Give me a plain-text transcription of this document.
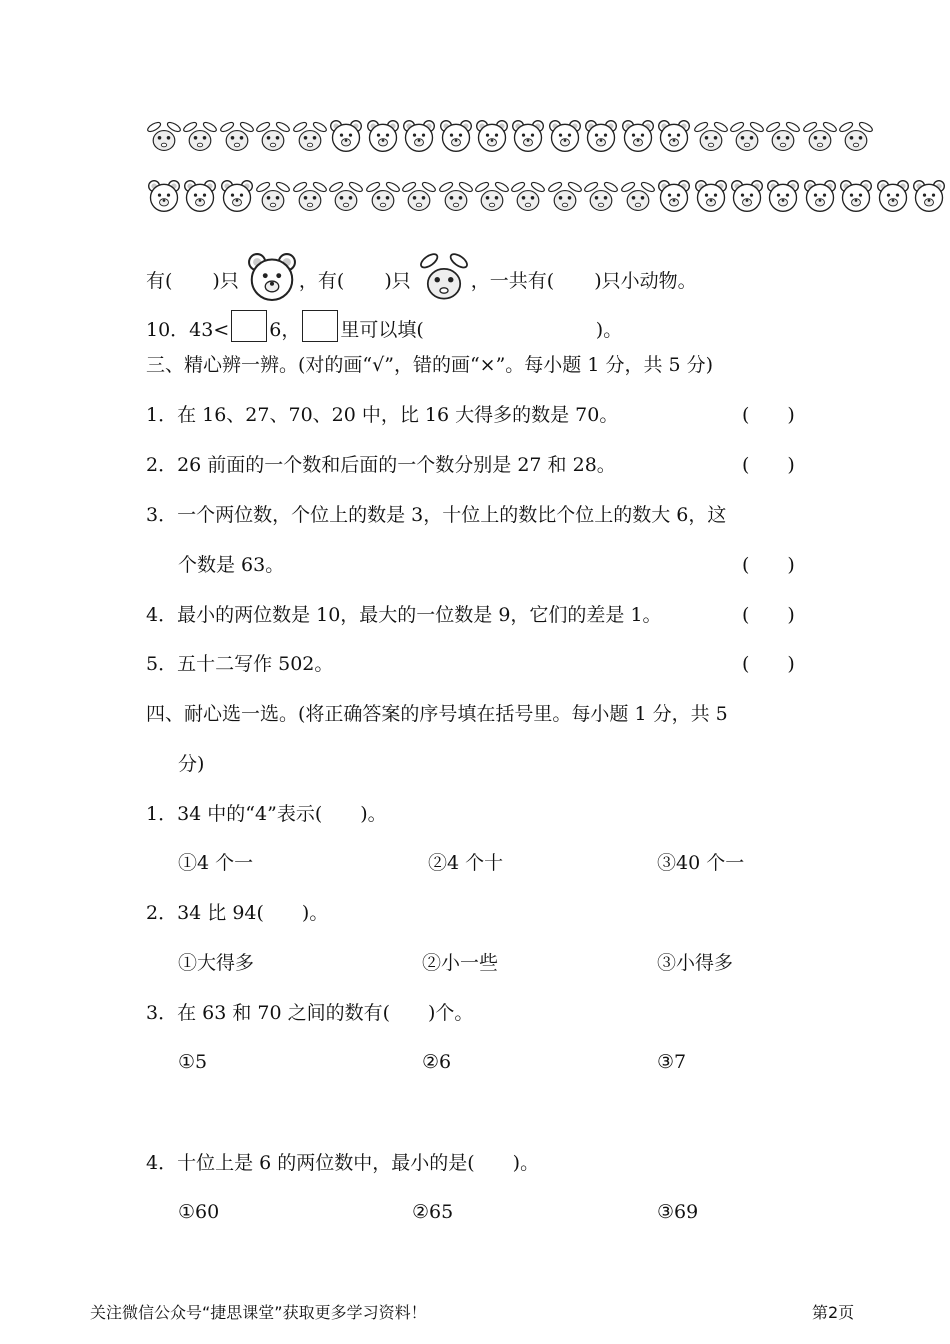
有( )只	，有( )只	，一共有( )只小动物。
10．43< 6， 里可以填(	)。
三、精心辨一辨。(对的画“√”，错的画“×”。每小题 1 分，共 5 分)
1．在 16、27、70、20 中，比 16 大得多的数是 70。	(　　)
2．26 前面的一个数和后面的一个数分别是 27 和 28。	(　　)
3．一个两位数，个位上的数是 3，十位上的数比个位上的数大 6，这
个数是 63。	(　　)
4．最小的两位数是 10，最大的一位数是 9，它们的差是 1。	(　　)
5．五十二写作 502。	(　　)
四、耐心选一选。(将正确答案的序号填在括号里。每小题 1 分，共 5
分)
1．34 中的“4”表示(　　)。
①4 个一	②4 个十	③40 个一
2．34 比 94(　　)。
①大得多	②小一些	③小得多
3．在 63 和 70 之间的数有(　　)个。
①5	②6	③7
4．十位上是 6 的两位数中，最小的是(　　)。
①60	②65	③69
关注微信公众号“捷思课堂”获取更多学习资料！	第2页
